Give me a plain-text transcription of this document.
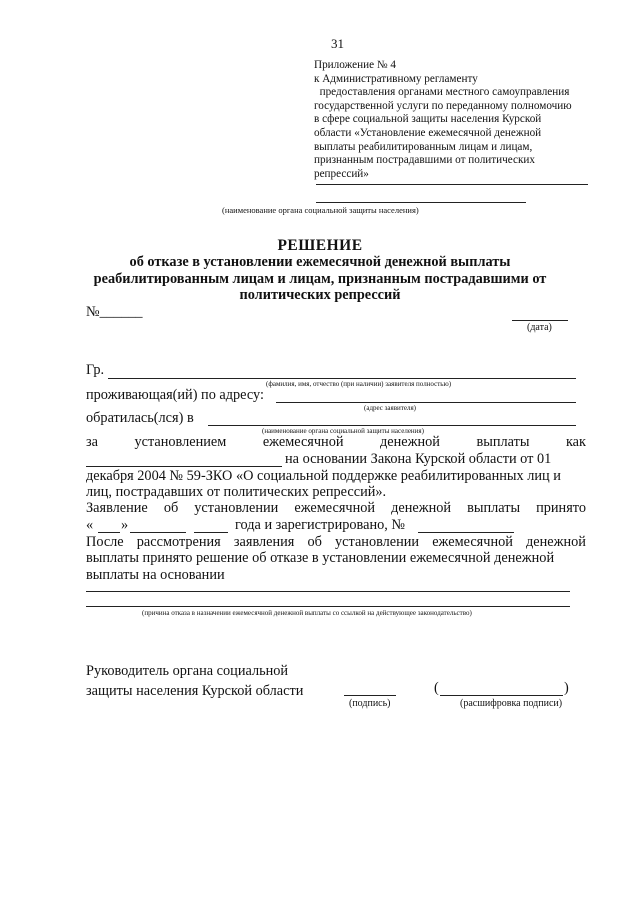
31
Приложение № 4
к Административному регламенту
предоставления органами местного самоуправления
государственной услуги по переданному полномочию
в сфере социальной защиты населения Курской
области «Установление ежемесячной денежной
выплаты реабилитированным лицам и лицам,
признанным пострадавшими от политических
репрессий»
(наименование органа социальной защиты населения)
РЕШЕНИЕ
об отказе в установлении ежемесячной денежной выплаты
реабилитированным лицам и лицам, признанным пострадавшими от
политических репрессий
№______
(дата)
Гр.
(фамилия, имя, отчество (при наличии) заявителя полностью)
проживающая(ий) по адресу:
(адрес заявителя)
обратилась(лся) в
(наименование органа социальной защиты населения)
за	установлением	ежемесячной	денежной	выплаты	как
на основании Закона Курской области от 01
декабря 2004 № 59-ЗКО «О социальной поддержке реабилитированных лиц и
лиц, пострадавших от политических репрессий».
Заявление об установлении ежемесячной денежной выплаты принято
« »	года и зарегистрировано, №
После рассмотрения заявления об установлении ежемесячной денежной
выплаты принято решение об отказе в установлении ежемесячной денежной
выплаты на основании
(причина отказа в назначении ежемесячной денежной выплаты со ссылкой на действующее законодательство)
Руководитель органа социальной
защиты населения Курской области
(подпись)
(	)
(расшифровка подписи)
